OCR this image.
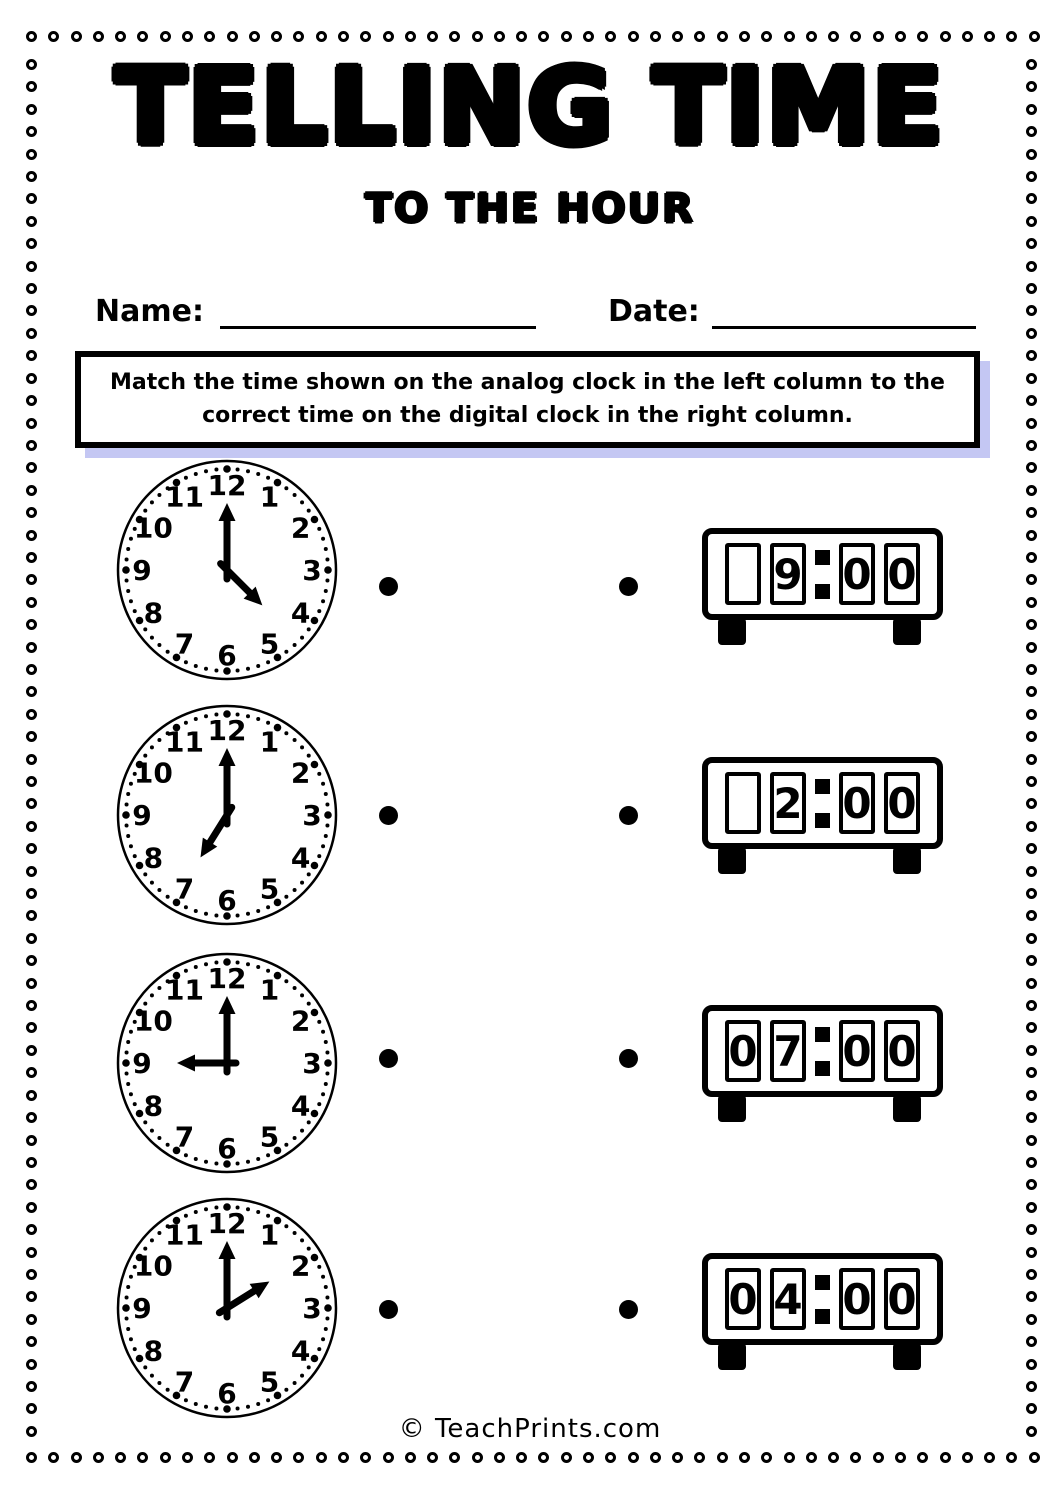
TELLING TIME
TO THE HOUR
Name:	Date:
Match the time shown on the analog clock in the left column to the
correct time on the digital clock in the right column.
12 1
2
3
4
5
6
7
8
9
10
11
12 1
2
3
4
5
6
7
8
9
10
11
12 1
2
3
4
5
6
7
8
9
10
11
12 1
2
3
4
5
6
7
8
9
10
11
9 0 0
2 0 0
0 7 0 0
0 4 0 0
© TeachPrints.com
